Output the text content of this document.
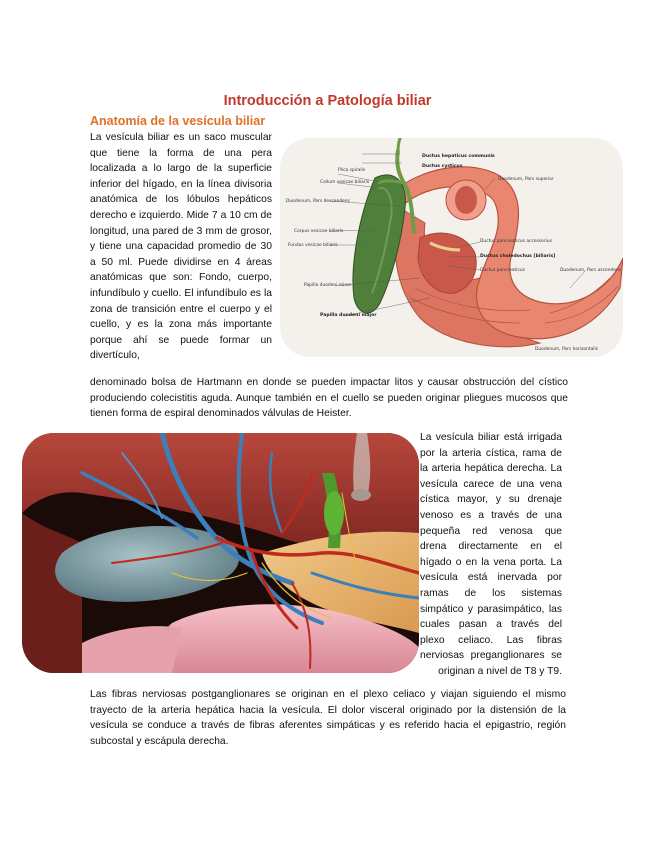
Introducción a Patología biliar
Anatomía de la vesícula biliar

La vesícula biliar es un saco muscular que tiene la forma de una pera localizada a lo largo de la superficie inferior del hígado, en la línea divisoria anatómica de los lóbulos hepáticos derecho e izquierdo. Mide 7 a 10 cm de longitud, una pared de 3 mm de grosor, y tiene una capacidad promedio de 30 a 50 ml. Puede dividirse en 4 áreas anatómicas que son: Fondo, cuerpo, infundíbulo y cuello. El infundíbulo es la zona de transición entre el cuerpo y el cuello, y es la zona más importante porque ahí se puede formar un divertículo,

denominado bolsa de Hartmann en donde se pueden impactar litos y causar obstrucción del cístico produciendo colecistitis aguda. Aunque también en el cuello se pueden originar pliegues mucosos que tienen forma de espiral denominados válvulas de Heister.

Ductus hepaticus communis
Ductus cysticus
Plica spiralis
Collum vesicae biliaris
Duodenum, Pars descendens
Corpus vesicae biliaris
Fundus vesicae biliaris
Papilla duodeni minor
Papilla duodeni major
Duodenum, Pars superior
Ductus pancreaticus accessorius
Ductus choledochus [biliaris]
Ductus pancreaticus	Duodenum, Pars ascendens
Duodenum, Pars horizontalis

La vesícula biliar está irrigada por la arteria cística, rama de la arteria hepática derecha. La vesícula carece de una vena cística mayor, y su drenaje venoso es a través de una pequeña red venosa que drena directamente en el hígado o en la vena porta. La vesícula está inervada por ramas de los sistemas simpático y parasimpático, las cuales pasan a través del plexo celiaco. Las fibras nerviosas preganglionares se originan a nivel de T8 y T9.

Las fibras nerviosas postganglionares se originan en el plexo celiaco y viajan siguiendo el mismo trayecto de la arteria hepática hacia la vesícula. El dolor visceral originado por la distensión de la vesícula se conduce a través de fibras aferentes simpáticas y es referido hacia el epigastrio, región subcostal y escápula derecha.
